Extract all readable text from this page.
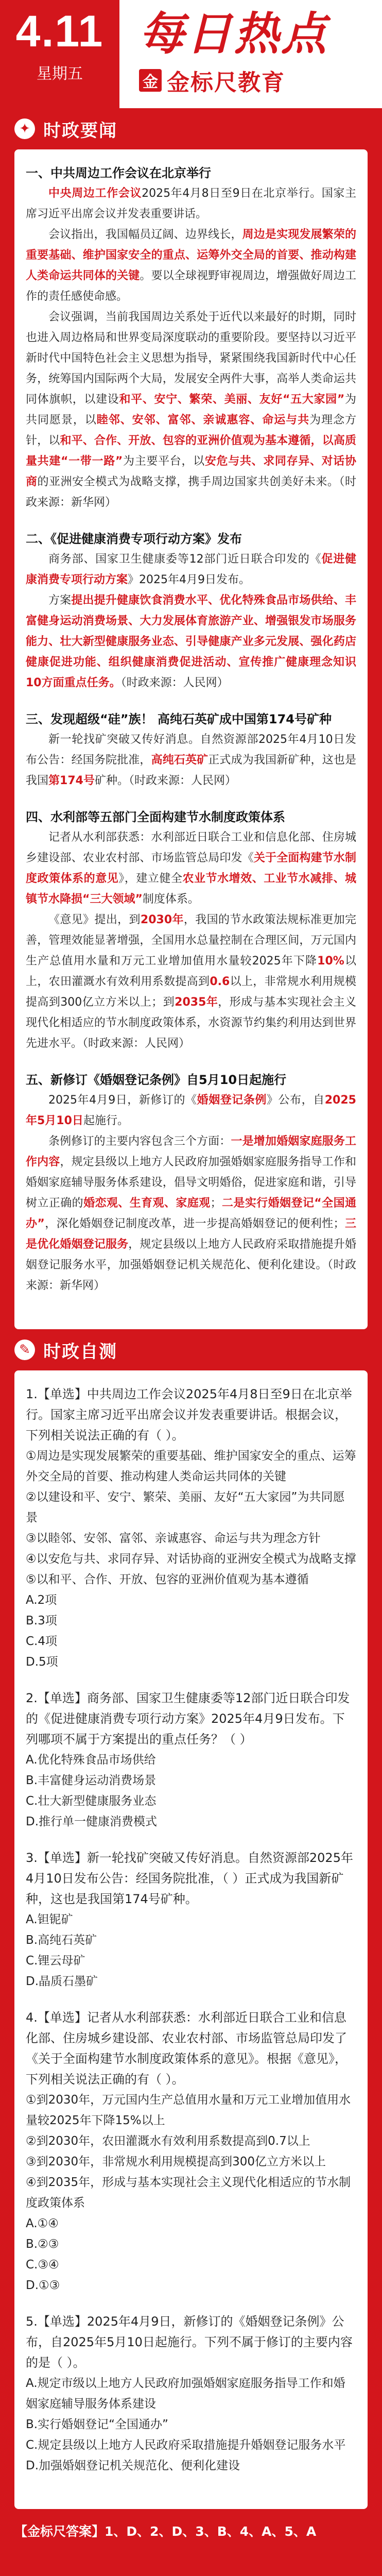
4.11
星期五
每日热点
金 金标尺教育
✦ 时政要闻
一、中共周边工作会议在北京举行
中央周边工作会议2025年4月8日至9日在北京举行。国家主席习近平出席会议并发表重要讲话。
会议指出，我国幅员辽阔、边界线长，周边是实现发展繁荣的重要基础、维护国家安全的重点、运筹外交全局的首要、推动构建人类命运共同体的关键。要以全球视野审视周边，增强做好周边工作的责任感使命感。
会议强调，当前我国周边关系处于近代以来最好的时期，同时也进入周边格局和世界变局深度联动的重要阶段。要坚持以习近平新时代中国特色社会主义思想为指导，紧紧围绕我国新时代中心任务，统筹国内国际两个大局，发展安全两件大事，高举人类命运共同体旗帜，以建设和平、安宁、繁荣、美丽、友好“五大家园”为共同愿景，以睦邻、安邻、富邻、亲诚惠容、命运与共为理念方针，以和平、合作、开放、包容的亚洲价值观为基本遵循，以高质量共建“一带一路”为主要平台，以安危与共、求同存异、对话协商的亚洲安全模式为战略支撑，携手周边国家共创美好未来。（时政来源：新华网）
二、《促进健康消费专项行动方案》发布
商务部、国家卫生健康委等12部门近日联合印发的《促进健康消费专项行动方案》2025年4月9日发布。
方案提出提升健康饮食消费水平、优化特殊食品市场供给、丰富健身运动消费场景、大力发展体育旅游产业、增强银发市场服务能力、壮大新型健康服务业态、引导健康产业多元发展、强化药店健康促进功能、组织健康消费促进活动、宣传推广健康理念知识10方面重点任务。（时政来源：人民网）
三、发现超级“硅”族！ 高纯石英矿成中国第174号矿种
新一轮找矿突破又传好消息。自然资源部2025年4月10日发布公告：经国务院批准，高纯石英矿正式成为我国新矿种，这也是我国第174号矿种。（时政来源：人民网）
四、水利部等五部门全面构建节水制度政策体系
记者从水利部获悉：水利部近日联合工业和信息化部、住房城乡建设部、农业农村部、市场监管总局印发《关于全面构建节水制度政策体系的意见》，建立健全农业节水增效、工业节水减排、城镇节水降损“三大领域”制度体系。
《意见》提出，到2030年，我国的节水政策法规标准更加完善，管理效能显著增强，全国用水总量控制在合理区间，万元国内生产总值用水量和万元工业增加值用水量较2025年下降10%以上，农田灌溉水有效利用系数提高到0.6以上，非常规水利用规模提高到300亿立方米以上；到2035年，形成与基本实现社会主义现代化相适应的节水制度政策体系，水资源节约集约利用达到世界先进水平。（时政来源：人民网）
五、新修订《婚姻登记条例》自5月10日起施行
2025年4月9日，新修订的《婚姻登记条例》公布，自2025年5月10日起施行。
条例修订的主要内容包含三个方面：一是增加婚姻家庭服务工作内容，规定县级以上地方人民政府加强婚姻家庭服务指导工作和婚姻家庭辅导服务体系建设，倡导文明婚俗，促进家庭和谐，引导树立正确的婚恋观、生育观、家庭观；二是实行婚姻登记“全国通办”，深化婚姻登记制度改革，进一步提高婚姻登记的便利性；三是优化婚姻登记服务，规定县级以上地方人民政府采取措施提升婚姻登记服务水平，加强婚姻登记机关规范化、便利化建设。（时政来源：新华网）
✎ 时政自测
1.【单选】中共周边工作会议2025年4月8日至9日在北京举行。国家主席习近平出席会议并发表重要讲话。根据会议，下列相关说法正确的有（ ）。
①周边是实现发展繁荣的重要基础、维护国家安全的重点、运筹外交全局的首要、推动构建人类命运共同体的关键
②以建设和平、安宁、繁荣、美丽、友好“五大家园”为共同愿景
③以睦邻、安邻、富邻、亲诚惠容、命运与共为理念方针
④以安危与共、求同存异、对话协商的亚洲安全模式为战略支撑
⑤以和平、合作、开放、包容的亚洲价值观为基本遵循
A.2项
B.3项
C.4项
D.5项
2.【单选】商务部、国家卫生健康委等12部门近日联合印发的《促进健康消费专项行动方案》2025年4月9日发布。下列哪项不属于方案提出的重点任务？（ ）
A.优化特殊食品市场供给
B.丰富健身运动消费场景
C.壮大新型健康服务业态
D.推行单一健康消费模式
3.【单选】新一轮找矿突破又传好消息。自然资源部2025年4月10日发布公告：经国务院批准，（ ）正式成为我国新矿种，这也是我国第174号矿种。
A.钽铌矿
B.高纯石英矿
C.锂云母矿
D.晶质石墨矿
4.【单选】记者从水利部获悉：水利部近日联合工业和信息化部、住房城乡建设部、农业农村部、市场监管总局印发了《关于全面构建节水制度政策体系的意见》。根据《意见》，下列相关说法正确的有（ ）。
①到2030年，万元国内生产总值用水量和万元工业增加值用水量较2025年下降15%以上
②到2030年，农田灌溉水有效利用系数提高到0.7以上
③到2030年，非常规水利用规模提高到300亿立方米以上
④到2035年，形成与基本实现社会主义现代化相适应的节水制度政策体系
A.①④
B.②③
C.③④
D.①③
5.【单选】2025年4月9日，新修订的《婚姻登记条例》公布，自2025年5月10日起施行。下列不属于修订的主要内容的是（ ）。
A.规定市级以上地方人民政府加强婚姻家庭服务指导工作和婚姻家庭辅导服务体系建设
B.实行婚姻登记“全国通办”
C.规定县级以上地方人民政府采取措施提升婚姻登记服务水平
D.加强婚姻登记机关规范化、便利化建设
【金标尺答案】1、D、2、D、3、B、4、A、5、A
